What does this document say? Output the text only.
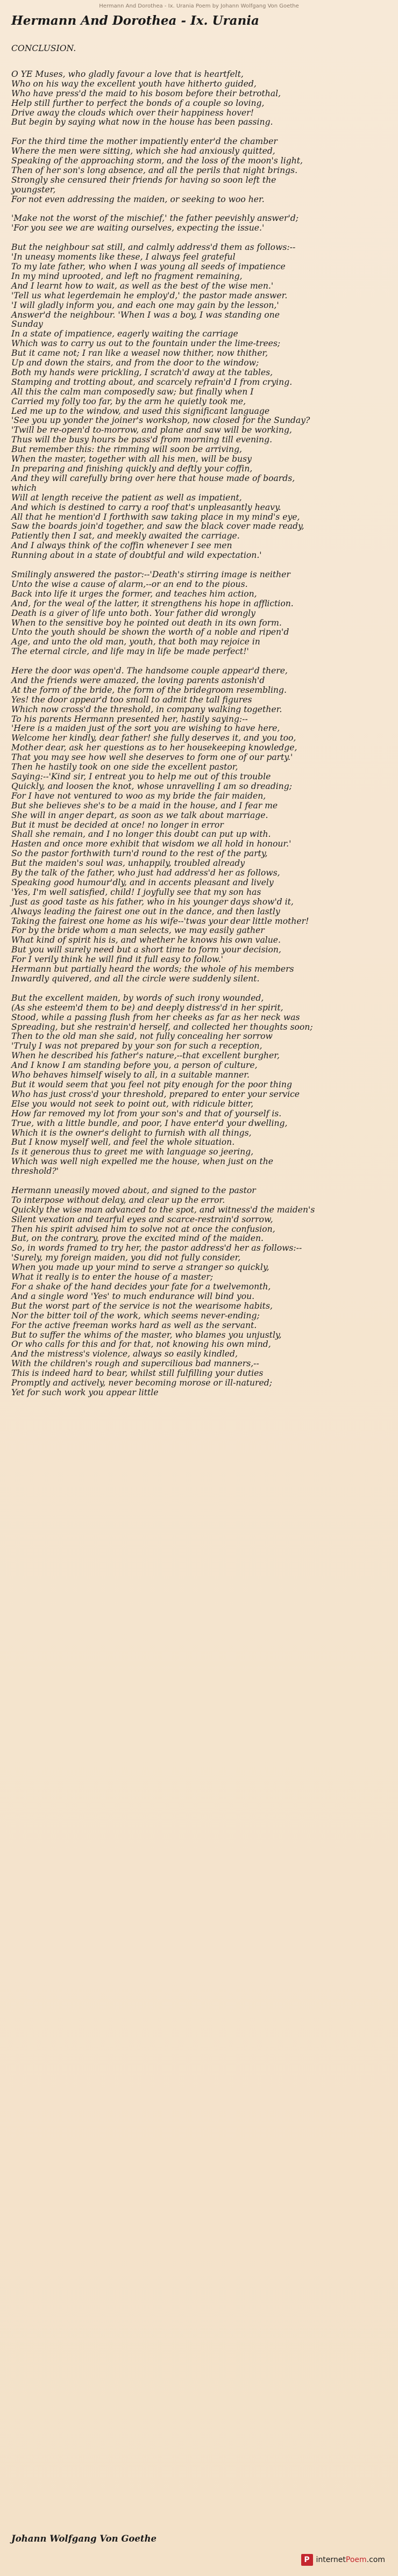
Hermann And Dorothea - Ix. Urania Poem by Johann Wolfgang Von Goethe
Hermann And Dorothea - Ix. Urania
CONCLUSION.
O YE Muses, who gladly favour a love that is heartfelt,
Who on his way the excellent youth have hitherto guided,
Who have press'd the maid to his bosom before their betrothal,
Help still further to perfect the bonds of a couple so loving,
Drive away the clouds which over their happiness hover!
But begin by saying what now in the house has been passing.
For the third time the mother impatiently enter'd the chamber
Where the men were sitting, which she had anxiously quitted,
Speaking of the approaching storm, and the loss of the moon's light,
Then of her son's long absence, and all the perils that night brings.
Strongly she censured their friends for having so soon left the
youngster,
For not even addressing the maiden, or seeking to woo her.
'Make not the worst of the mischief,' the father peevishly answer'd;
'For you see we are waiting ourselves, expecting the issue.'
But the neighbour sat still, and calmly address'd them as follows:--
'In uneasy moments like these, I always feel grateful
To my late father, who when I was young all seeds of impatience
In my mind uprooted, and left no fragment remaining,
And I learnt how to wait, as well as the best of the wise men.'
'Tell us what legerdemain he employ'd,' the pastor made answer.
'I will gladly inform you, and each one may gain by the lesson,'
Answer'd the neighbour. 'When I was a boy, I was standing one
Sunday
In a state of impatience, eagerly waiting the carriage
Which was to carry us out to the fountain under the lime-trees;
But it came not; I ran like a weasel now thither, now thither,
Up and down the stairs, and from the door to the window;
Both my hands were prickling, I scratch'd away at the tables,
Stamping and trotting about, and scarcely refrain'd I from crying.
All this the calm man composedly saw; but finally when I
Carried my folly too far, by the arm he quietly took me,
Led me up to the window, and used this significant language
'See you up yonder the joiner's workshop, now closed for the Sunday?
'Twill be re-open'd to-morrow, and plane and saw will be working,
Thus will the busy hours be pass'd from morning till evening.
But remember this: the rimming will soon be arriving,
When the master, together with all his men, will be busy
In preparing and finishing quickly and deftly your coffin,
And they will carefully bring over here that house made of boards,
which
Will at length receive the patient as well as impatient,
And which is destined to carry a roof that's unpleasantly heavy.
All that he mention'd I forthwith saw taking place in my mind's eye,
Saw the boards join'd together, and saw the black cover made ready,
Patiently then I sat, and meekly awaited the carriage.
And I always think of the coffin whenever I see men
Running about in a state of doubtful and wild expectation.'
Smilingly answered the pastor:--'Death's stirring image is neither
Unto the wise a cause of alarm,--or an end to the pious.
Back into life it urges the former, and teaches him action,
And, for the weal of the latter, it strengthens his hope in affliction.
Death is a giver of life unto both. Your father did wrongly
When to the sensitive boy he pointed out death in its own form.
Unto the youth should be shown the worth of a noble and ripen'd
Age, and unto the old man, youth, that both may rejoice in
The eternal circle, and life may in life be made perfect!'
Here the door was open'd. The handsome couple appear'd there,
And the friends were amazed, the loving parents astonish'd
At the form of the bride, the form of the bridegroom resembling.
Yes! the door appear'd too small to admit the tall figures
Which now cross'd the threshold, in company walking together.
To his parents Hermann presented her, hastily saying:--
'Here is a maiden just of the sort you are wishing to have here,
Welcome her kindly, dear father! she fully deserves it, and you too,
Mother dear, ask her questions as to her housekeeping knowledge,
That you may see how well she deserves to form one of our party.'
Then he hastily took on one side the excellent pastor,
Saying:--'Kind sir, I entreat you to help me out of this trouble
Quickly, and loosen the knot, whose unravelling I am so dreading;
For I have not ventured to woo as my bride the fair maiden,
But she believes she's to be a maid in the house, and I fear me
She will in anger depart, as soon as we talk about marriage.
But it must be decided at once! no longer in error
Shall she remain, and I no longer this doubt can put up with.
Hasten and once more exhibit that wisdom we all hold in honour.'
So the pastor forthwith turn'd round to the rest of the party,
But the maiden's soul was, unhappily, troubled already
By the talk of the father, who just had address'd her as follows,
Speaking good humour'dly, and in accents pleasant and lively
'Yes, I'm well satisfied, child! I joyfully see that my son has
Just as good taste as his father, who in his younger days show'd it,
Always leading the fairest one out in the dance, and then lastly
Taking the fairest one home as his wife--'twas your dear little mother!
For by the bride whom a man selects, we may easily gather
What kind of spirit his is, and whether he knows his own value.
But you will surely need but a short time to form your decision,
For I verily think he will find it full easy to follow.'
Hermann but partially heard the words; the whole of his members
Inwardly quivered, and all the circle were suddenly silent.
But the excellent maiden, by words of such irony wounded,
(As she esteem'd them to be) and deeply distress'd in her spirit,
Stood, while a passing flush from her cheeks as far as her neck was
Spreading, but she restrain'd herself, and collected her thoughts soon;
Then to the old man she said, not fully concealing her sorrow
'Truly I was not prepared by your son for such a reception,
When he described his father's nature,--that excellent burgher,
And I know I am standing before you, a person of culture,
Who behaves himself wisely to all, in a suitable manner.
But it would seem that you feel not pity enough for the poor thing
Who has just cross'd your threshold, prepared to enter your service
Else you would not seek to point out, with ridicule bitter,
How far removed my lot from your son's and that of yourself is.
True, with a little bundle, and poor, I have enter'd your dwelling,
Which it is the owner's delight to furnish with all things,
But I know myself well, and feel the whole situation.
Is it generous thus to greet me with language so jeering,
Which was well nigh expelled me the house, when just on the
threshold?'
Hermann uneasily moved about, and signed to the pastor
To interpose without delay, and clear up the error.
Quickly the wise man advanced to the spot, and witness'd the maiden's
Silent vexation and tearful eyes and scarce-restrain'd sorrow,
Then his spirit advised him to solve not at once the confusion,
But, on the contrary, prove the excited mind of the maiden.
So, in words framed to try her, the pastor address'd her as follows:--
'Surely, my foreign maiden, you did not fully consider,
When you made up your mind to serve a stranger so quickly,
What it really is to enter the house of a master;
For a shake of the hand decides your fate for a twelvemonth,
And a single word 'Yes' to much endurance will bind you.
But the worst part of the service is not the wearisome habits,
Nor the bitter toil of the work, which seems never-ending;
For the active freeman works hard as well as the servant.
But to suffer the whims of the master, who blames you unjustly,
Or who calls for this and for that, not knowing his own mind,
And the mistress's violence, always so easily kindled,
With the children's rough and supercilious bad manners,--
This is indeed hard to bear, whilst still fulfilling your duties
Promptly and actively, never becoming morose or ill-natured;
Yet for such work you appear little
Johann Wolfgang Von Goethe
P internetPoem.com
